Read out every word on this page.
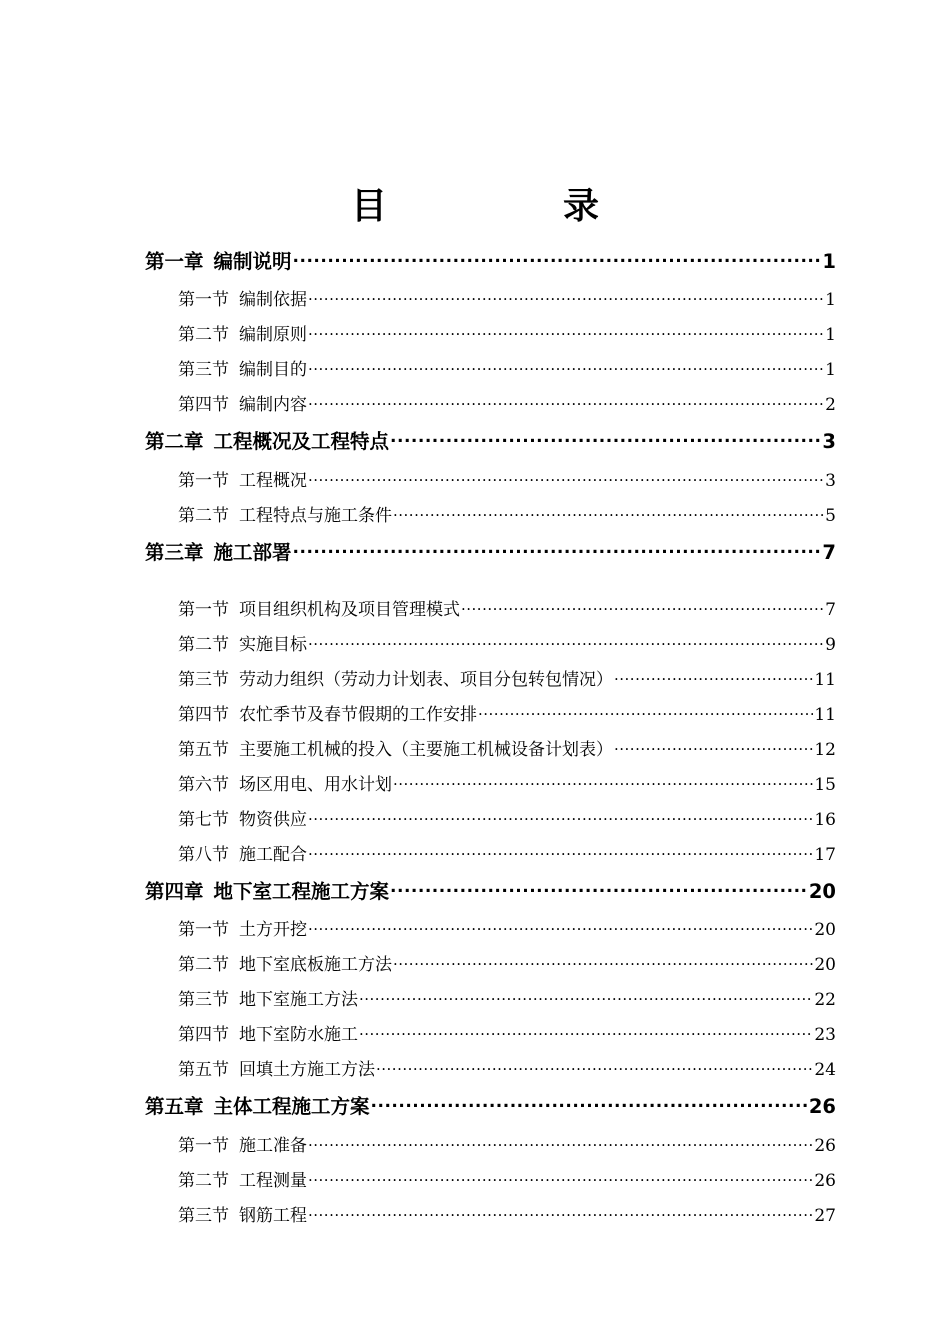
目　录
第一章 编制说明 .....	1
第一节 编制依据 .....	1
第二节 编制原则 .....	1
第三节 编制目的 .....	1
第四节 编制内容 .....	2
第二章 工程概况及工程特点 .....	3
第一节 工程概况 .....	3
第二节 工程特点与施工条件 .....	5
第三章 施工部署 .....	7
第一节 项目组织机构及项目管理模式 .....	7
第二节 实施目标 .....	9
第三节 劳动力组织（劳动力计划表、项目分包转包情况） .....	11
第四节 农忙季节及春节假期的工作安排 .....	11
第五节 主要施工机械的投入（主要施工机械设备计划表） .....	12
第六节 场区用电、用水计划 .....	15
第七节 物资供应 .....	16
第八节 施工配合 .....	17
第四章 地下室工程施工方案 .....	20
第一节 土方开挖 .....	20
第二节 地下室底板施工方法 .....	20
第三节 地下室施工方法 .....	22
第四节 地下室防水施工 .....	23
第五节 回填土方施工方法 .....	24
第五章 主体工程施工方案 .....	26
第一节 施工准备 .....	26
第二节 工程测量 .....	26
第三节 钢筋工程 .....	27
